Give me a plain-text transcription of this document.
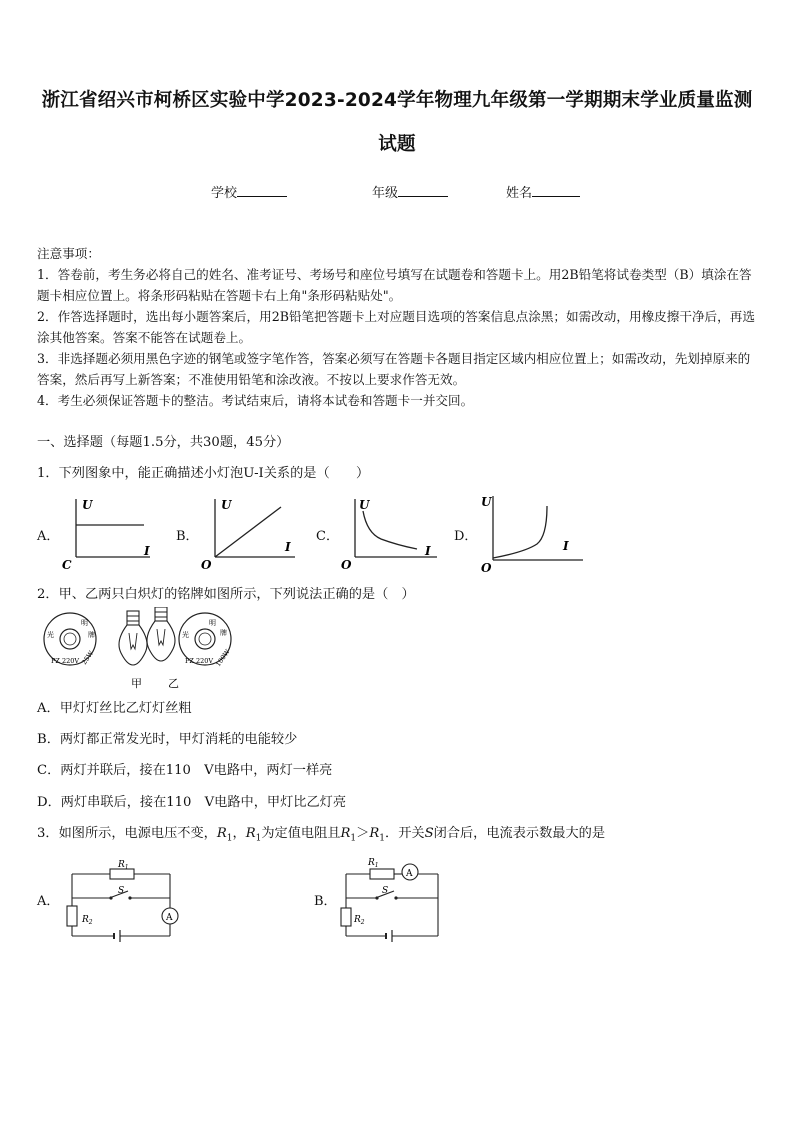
浙江省绍兴市柯桥区实验中学2023-2024学年物理九年级第一学期期末学业质量监测
试题
学校	年级	姓名

注意事项：

1．答卷前，考生务必将自己的姓名、准考证号、考场号和座位号填写在试题卷和答题卡上。用2B铅笔将试卷类型（B）填涂在答题卡相应位置上。将条形码粘贴在答题卡右上角"条形码粘贴处"。

2．作答选择题时，选出每小题答案后，用2B铅笔把答题卡上对应题目选项的答案信息点涂黑；如需改动，用橡皮擦干净后，再选涂其他答案。答案不能答在试题卷上。

3．非选择题必须用黑色字迹的钢笔或签字笔作答，答案必须写在答题卡各题目指定区域内相应位置上；如需改动，先划掉原来的答案，然后再写上新答案；不准使用铅笔和涂改液。不按以上要求作答无效。

4．考生必须保证答题卡的整洁。考试结束后，请将本试卷和答题卡一并交回。

一、选择题（每题1.5分，共30题，45分）
1．下列图象中，能正确描述小灯泡U-I关系的是（　　）
A．
U
I
C
B．
U
I
O
C．
U
I
O
D．
U
I
O
2．甲、乙两只白炽灯的铭牌如图所示，下列说法正确的是（　）
光
明
牌
PZ 220V 25W
光
明
牌
PZ 220V 100W
甲 乙
A．甲灯灯丝比乙灯灯丝粗
B．两灯都正常发光时，甲灯消耗的电能较少
C．两灯并联后，接在110　V电路中，两灯一样亮
D．两灯串联后，接在110　V电路中，甲灯比乙灯亮
3．如图所示，电源电压不变，$R_1$，$R_1$为定值电阻且$R_1>R_1$．开关S闭合后，电流表示数最大的是
A．
A
$R_1$
S
$R_2$
B．
A
$R_1$
S
$R_2$
